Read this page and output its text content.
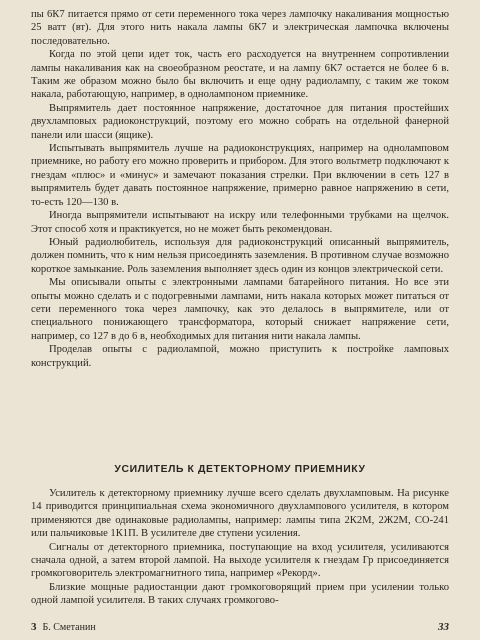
пы 6К7 питается прямо от сети переменного тока через лампочку накаливания мощностью 25 ватт (вт). Для этого нить накала лампы 6К7 и электрическая лампочка включены последовательно.

Когда по этой цепи идет ток, часть его расходуется на внутреннем сопротивлении лампы накаливания как на своеобразном реостате, и на лампу 6К7 остается не более 6 в. Таким же образом можно было бы включить и еще одну радиолампу, с таким же током накала, работающую, например, в однолампоном приемнике.

Выпрямитель дает постоянное напряжение, достаточное для питания простейших двухламповых радиоконструкций, поэтому его можно собрать на отдельной фанерной панели или шасси (ящике).

Испытывать выпрямитель лучше на радиоконструкциях, например на одноламповом приемнике, но работу его можно проверить и прибором. Для этого вольтметр подключают к гнездам «плюс» и «минус» и замечают показания стрелки. При включении в сеть 127 в выпрямитель будет давать постоянное напряжение, примерно равное напряжению в сети, то-есть 120—130 в.

Иногда выпрямители испытывают на искру или телефонными трубками на щелчок. Этот способ хотя и практикуется, но не может быть рекомендован.

Юный радиолюбитель, используя для радиоконструкций описанный выпрямитель, должен помнить, что к ним нельзя присоединять заземления. В противном случае возможно короткое замыкание. Роль заземления выполняет здесь один из концов электрической сети.

Мы описывали опыты с электронными лампами батарейного питания. Но все эти опыты можно сделать и с подогревными лампами, нить накала которых может питаться от сети переменного тока через лампочку, как это делалось в выпрямителе, или от специального понижающего трансформатора, который снижает напряжение сети, например, со 127 в до 6 в, необходимых для питания нити накала лампы.

Проделав опыты с радиолампой, можно приступить к постройке ламповых конструкций.

УСИЛИТЕЛЬ К ДЕТЕКТОРНОМУ ПРИЕМНИКУ

Усилитель к детекторному приемнику лучше всего сделать двухламповым. На рисунке 14 приводится принципиальная схема экономичного двухлампового усилителя, в котором применяются две одинаковые радиолампы, например: лампы типа 2К2М, 2Ж2М, СО-241 или пальчиковые 1К1П. В усилителе две ступени усиления.

Сигналы от детекторного приемника, поступающие на вход усилителя, усиливаются сначала одной, а затем второй лампой. На выходе усилителя к гнездам Гр присоединяется громкоговоритель электромагнитного типа, например «Рекорд».

Близкие мощные радиостанции дают громкоговорящий прием при усилении только одной лампой усилителя. В таких случаях громкогово-

3 Б. Сметанин	33
